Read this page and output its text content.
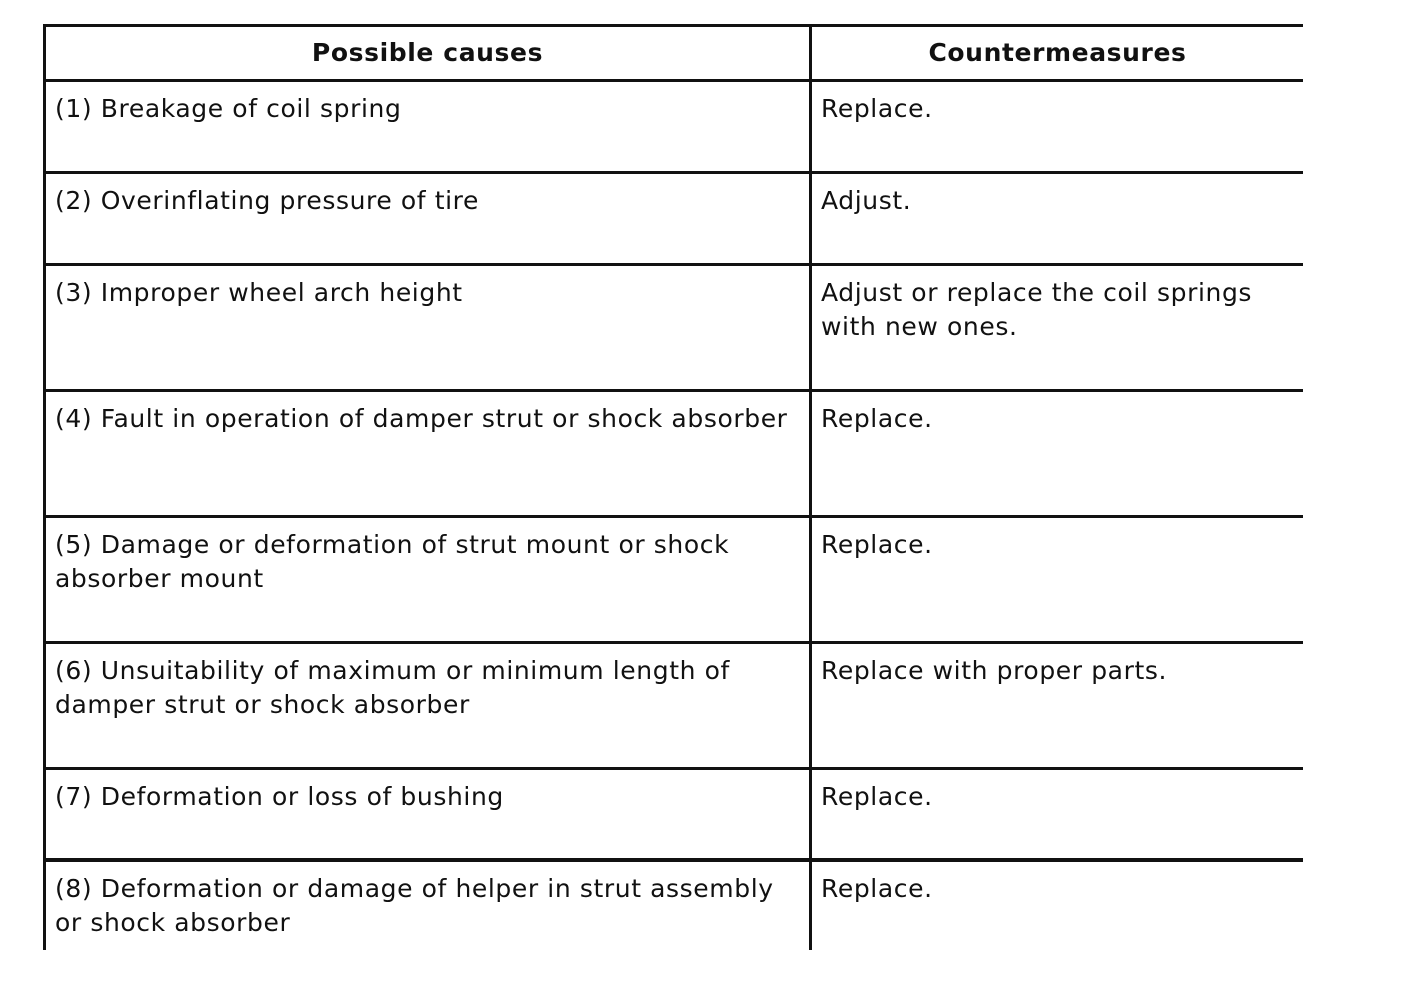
Possible causes	Countermeasures
(1) Breakage of coil spring	Replace.
(2) Overinflating pressure of tire	Adjust.
(3) Improper wheel arch height	Adjust or replace the coil springs with new ones.
(4) Fault in operation of damper strut or shock absorber	Replace.
(5) Damage or deformation of strut mount or shock absorber mount	Replace.
(6) Unsuitability of maximum or minimum length of damper strut or shock absorber	Replace with proper parts.
(7) Deformation or loss of bushing	Replace.
(8) Deformation or damage of helper in strut assembly or shock absorber	Replace.
